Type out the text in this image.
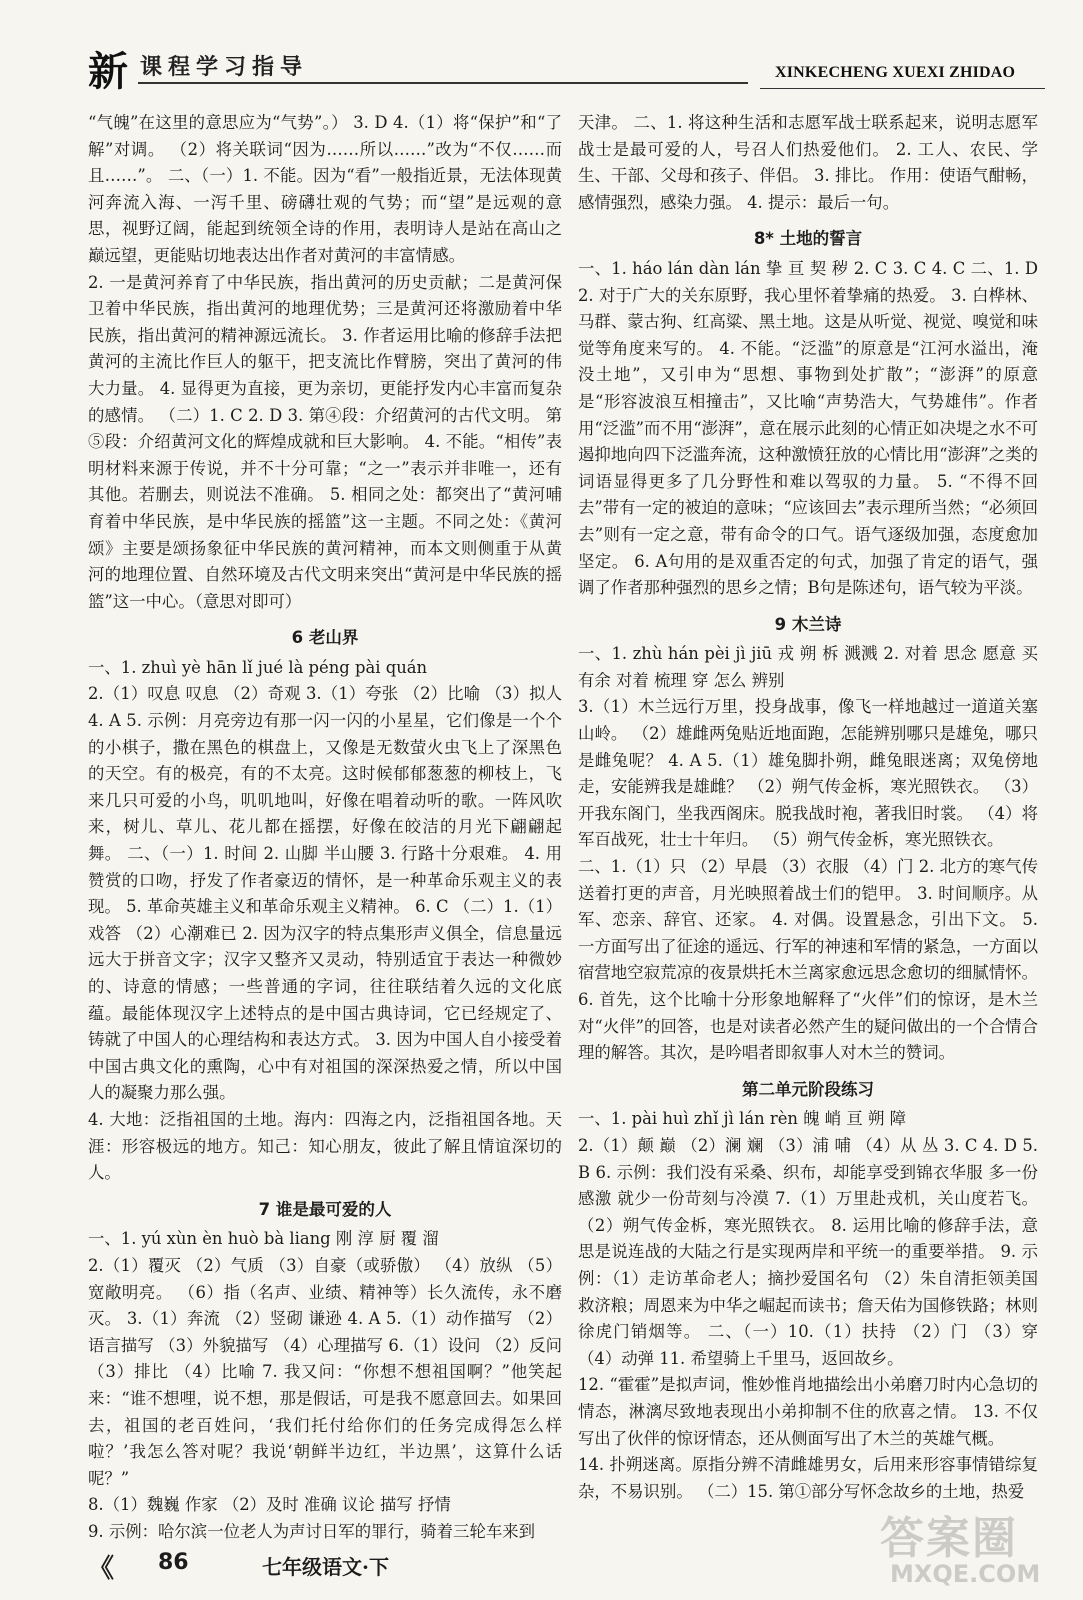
新 课程学习指导	XINKECHENG XUEXI ZHIDAO

“气魄”在这里的意思应为“气势”。） 3. D 4.（1）将“保护”和“了解”对调。 （2）将关联词“因为……所以……”改为“不仅……而且……”。 二、（一）1. 不能。因为“看”一般指近景，无法体现黄河奔流入海、一泻千里、磅礴壮观的气势；而“望”是远观的意思，视野辽阔，能起到统领全诗的作用，表明诗人是站在高山之巅远望，更能贴切地表达出作者对黄河的丰富情感。

2. 一是黄河养育了中华民族，指出黄河的历史贡献；二是黄河保卫着中华民族，指出黄河的地理优势；三是黄河还将激励着中华民族，指出黄河的精神源远流长。 3. 作者运用比喻的修辞手法把黄河的主流比作巨人的躯干，把支流比作臂膀，突出了黄河的伟大力量。 4. 显得更为直接，更为亲切，更能抒发内心丰富而复杂的感情。 （二）1. C 2. D 3. 第④段：介绍黄河的古代文明。 第⑤段：介绍黄河文化的辉煌成就和巨大影响。 4. 不能。“相传”表明材料来源于传说，并不十分可靠；“之一”表示并非唯一，还有其他。若删去，则说法不准确。 5. 相同之处：都突出了“黄河哺育着中华民族，是中华民族的摇篮”这一主题。不同之处：《黄河颂》主要是颂扬象征中华民族的黄河精神，而本文则侧重于从黄河的地理位置、自然环境及古代文明来突出“黄河是中华民族的摇篮”这一中心。（意思对即可）

6 老山界

一、1. zhuì yè hān lǐ jué là péng pài quán

2.（1）叹息 叹息 （2）奇观 3.（1）夸张 （2）比喻 （3）拟人 4. A 5. 示例：月亮旁边有那一闪一闪的小星星，它们像是一个个的小棋子，撒在黑色的棋盘上，又像是无数萤火虫飞上了深黑色的天空。有的极亮，有的不太亮。这时候郁郁葱葱的柳枝上，飞来几只可爱的小鸟，叽叽地叫，好像在唱着动听的歌。一阵风吹来，树儿、草儿、花儿都在摇摆，好像在皎洁的月光下翩翩起舞。 二、（一）1. 时间 2. 山脚 半山腰 3. 行路十分艰难。 4. 用赞赏的口吻，抒发了作者豪迈的情怀，是一种革命乐观主义的表现。 5. 革命英雄主义和革命乐观主义精神。 6. C （二）1.（1）戏答 （2）心潮难已 2. 因为汉字的特点集形声义俱全，信息量远远大于拼音文字；汉字又整齐又灵动，特别适宜于表达一种微妙的、诗意的情感；一些普通的字词，往往联结着久远的文化底蕴。最能体现汉字上述特点的是中国古典诗词，它已经规定了、铸就了中国人的心理结构和表达方式。 3. 因为中国人自小接受着中国古典文化的熏陶，心中有对祖国的深深热爱之情，所以中国人的凝聚力那么强。

4. 大地：泛指祖国的土地。海内：四海之内，泛指祖国各地。天涯：形容极远的地方。知己：知心朋友，彼此了解且情谊深切的人。

7 谁是最可爱的人

一、1. yú xùn èn huò bà liang 刚 淳 厨 覆 溜

2.（1）覆灭 （2）气质 （3）自豪（或骄傲） （4）放纵 （5）宽敞明亮。 （6）指（名声、业绩、精神等）长久流传，永不磨灭。 3.（1）奔流 （2）竖砌 谦逊 4. A 5.（1）动作描写 （2）语言描写 （3）外貌描写 （4）心理描写 6.（1）设问 （2）反问 （3）排比 （4）比喻 7. 我又问：“你想不想祖国啊？”他笑起来：“谁不想哩，说不想，那是假话，可是我不愿意回去。如果回去，祖国的老百姓问，‘我们托付给你们的任务完成得怎么样啦？’我怎么答对呢？我说‘朝鲜半边红，半边黑’，这算什么话呢？”

8.（1）魏巍 作家 （2）及时 准确 议论 描写 抒情

9. 示例：哈尔滨一位老人为声讨日军的罪行，骑着三轮车来到

天津。 二、1. 将这种生活和志愿军战士联系起来，说明志愿军战士是最可爱的人，号召人们热爱他们。 2. 工人、农民、学生、干部、父母和孩子、伴侣。 3. 排比。 作用：使语气酣畅，感情强烈，感染力强。 4. 提示：最后一句。

8* 土地的誓言

一、1. háo lán dàn lán 挚 亘 契 秽 2. C 3. C 4. C 二、1. D 2. 对于广大的关东原野，我心里怀着挚痛的热爱。 3. 白桦林、马群、蒙古狗、红高粱、黑土地。这是从听觉、视觉、嗅觉和味觉等角度来写的。 4. 不能。“泛滥”的原意是“江河水溢出，淹没土地”，又引申为“思想、事物到处扩散”；“澎湃”的原意是“形容波浪互相撞击”，又比喻“声势浩大，气势雄伟”。作者用“泛滥”而不用“澎湃”，意在展示此刻的心情正如决堤之水不可遏抑地向四下泛滥奔流，这种激愤狂放的心情比用“澎湃”之类的词语显得更多了几分野性和难以驾驭的力量。 5. “不得不回去”带有一定的被迫的意味；“应该回去”表示理所当然；“必须回去”则有一定之意，带有命令的口气。语气逐级加强，态度愈加坚定。 6. A句用的是双重否定的句式，加强了肯定的语气，强调了作者那种强烈的思乡之情；B句是陈述句，语气较为平淡。

9 木兰诗

一、1. zhù hán pèi jì jiū 戎 朔 柝 溅溅 2. 对着 思念 愿意 买 有余 对着 梳理 穿 怎么 辨别

3.（1）木兰远行万里，投身战事，像飞一样地越过一道道关塞山岭。 （2）雄雌两兔贴近地面跑，怎能辨别哪只是雄兔，哪只是雌兔呢？ 4. A 5.（1）雄兔脚扑朔，雌兔眼迷离；双兔傍地走，安能辨我是雄雌？ （2）朔气传金柝，寒光照铁衣。 （3）开我东阁门，坐我西阁床。脱我战时袍，著我旧时裳。 （4）将军百战死，壮士十年归。 （5）朔气传金柝，寒光照铁衣。

二、1.（1）只 （2）早晨 （3）衣服 （4）门 2. 北方的寒气传送着打更的声音，月光映照着战士们的铠甲。 3. 时间顺序。从军、恋亲、辞官、还家。 4. 对偶。设置悬念，引出下文。 5. 一方面写出了征途的遥远、行军的神速和军情的紧急，一方面以宿营地空寂荒凉的夜景烘托木兰离家愈远思念愈切的细腻情怀。 6. 首先，这个比喻十分形象地解释了“火伴”们的惊讶，是木兰对“火伴”的回答，也是对读者必然产生的疑问做出的一个合情合理的解答。其次，是吟唱者即叙事人对木兰的赞词。

第二单元阶段练习

一、1. pài huì zhǐ jì lán rèn 魄 峭 亘 朔 障

2.（1）颠 巅 （2）澜 斓 （3）浦 哺 （4）从 丛 3. C 4. D 5. B 6. 示例：我们没有采桑、织布，却能享受到锦衣华服 多一份感激 就少一份苛刻与冷漠 7.（1）万里赴戎机，关山度若飞。 （2）朔气传金柝，寒光照铁衣。 8. 运用比喻的修辞手法，意思是说连战的大陆之行是实现两岸和平统一的重要举措。 9. 示例：（1）走访革命老人；摘抄爱国名句 （2）朱自清拒领美国救济粮；周恩来为中华之崛起而读书；詹天佑为国修铁路；林则徐虎门销烟等。 二、（一）10.（1）扶持 （2）门 （3）穿 （4）动弹 11. 希望骑上千里马，返回故乡。

12. “霍霍”是拟声词，惟妙惟肖地描绘出小弟磨刀时内心急切的情态，淋漓尽致地表现出小弟抑制不住的欣喜之情。 13. 不仅写出了伙伴的惊讶情态，还从侧面写出了木兰的英雄气概。

14. 扑朔迷离。原指分辨不清雌雄男女，后用来形容事情错综复杂，不易识别。 （二）15. 第①部分写怀念故乡的土地，热爱

《 86	七年级语文·下
答案圈
MXQE.COM
